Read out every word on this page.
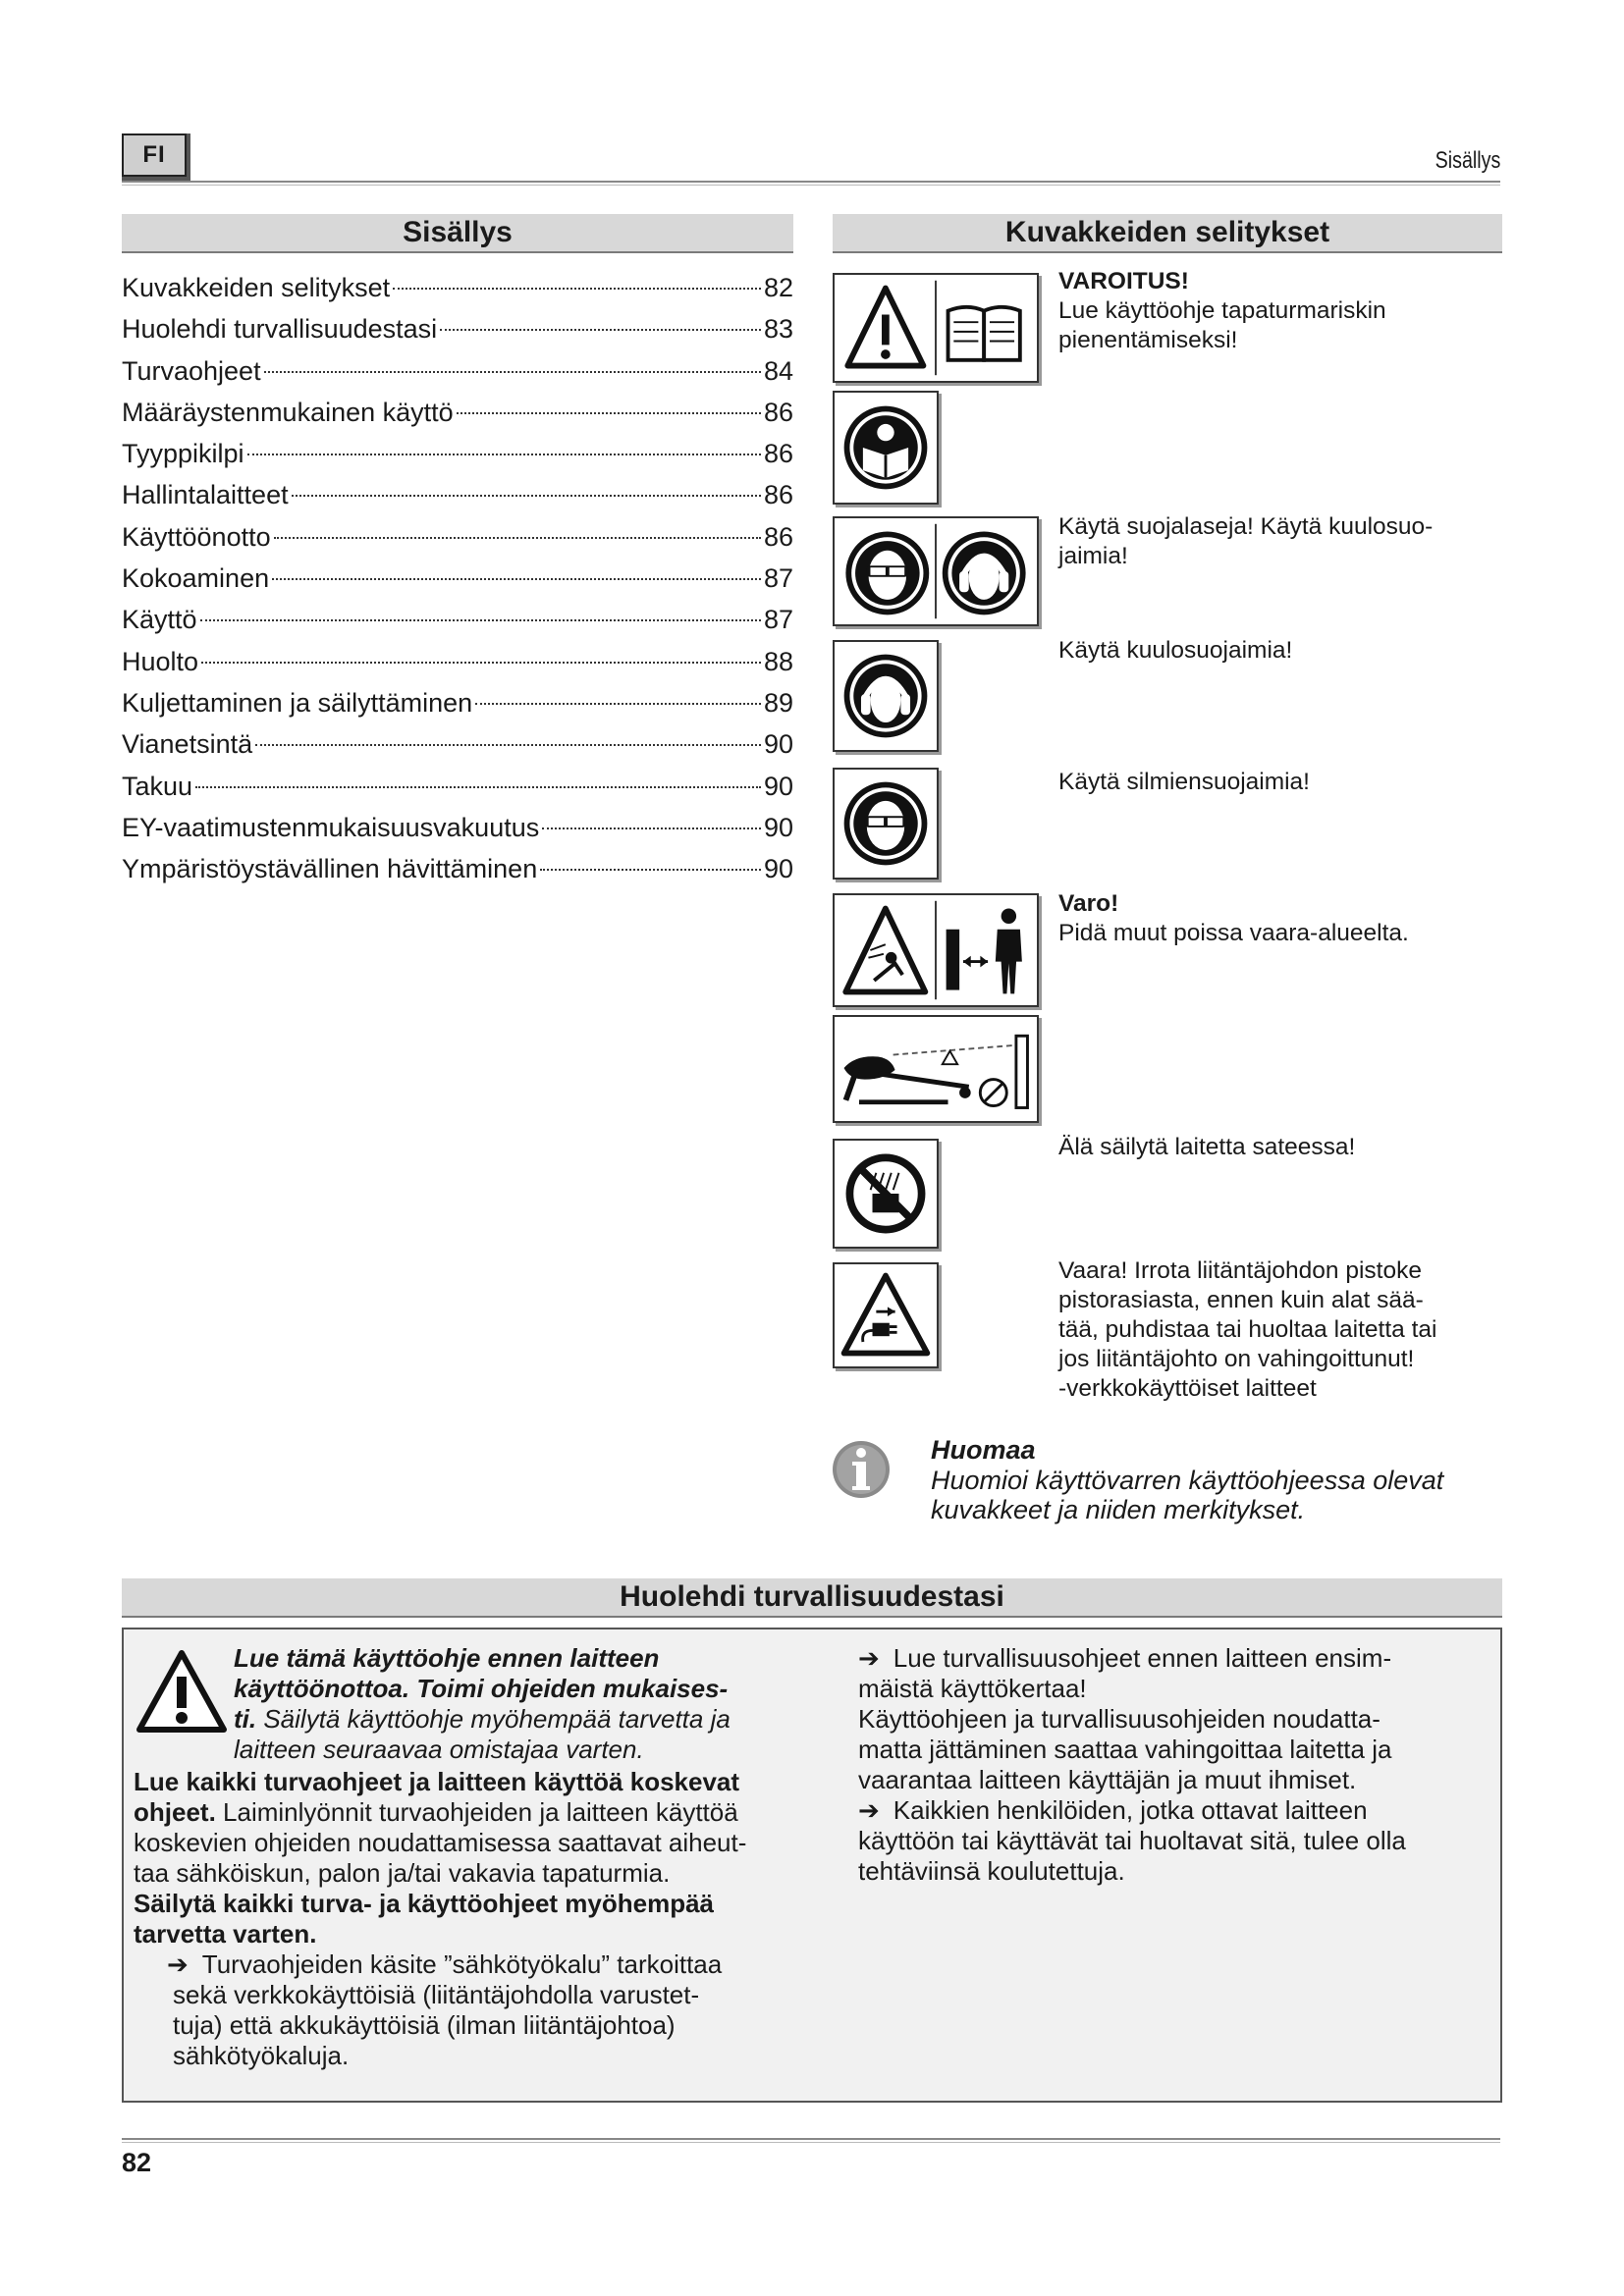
FI	Sisällys
Sisällys
Kuvakkeiden selitykset	82
Huolehdi turvallisuudestasi	83
Turvaohjeet	84
Määräystenmukainen käyttö	86
Tyyppikilpi	86
Hallintalaitteet	86
Käyttöönotto	86
Kokoaminen	87
Käyttö	87
Huolto	88
Kuljettaminen ja säilyttäminen	89
Vianetsintä	90
Takuu	90
EY-vaatimustenmukaisuusvakuutus	90
Ympäristöystävällinen hävittäminen	90
Kuvakkeiden selitykset
VAROITUS!
Lue käyttöohje tapaturmariskin
pienentämiseksi!
Käytä suojalaseja! Käytä kuulosuo-
jaimia!
Käytä kuulosuojaimia!
Käytä silmiensuojaimia!
Varo!
Pidä muut poissa vaara-alueelta.
Älä säilytä laitetta sateessa!
Vaara! Irrota liitäntäjohdon pistoke
pistorasiasta, ennen kuin alat sää-
tää, puhdistaa tai huoltaa laitetta tai
jos liitäntäjohto on vahingoittunut!
-verkkokäyttöiset laitteet
Huomaa
Huomioi käyttövarren käyttöohjeessa olevat
kuvakkeet ja niiden merkitykset.
Huolehdi turvallisuudestasi
Lue tämä käyttöohje ennen laitteen
käyttöönottoa. Toimi ohjeiden mukaises-
ti. Säilytä käyttöohje myöhempää tarvetta ja
laitteen seuraavaa omistajaa varten.
Lue kaikki turvaohjeet ja laitteen käyttöä koskevat
ohjeet. Laiminlyönnit turvaohjeiden ja laitteen käyttöä
koskevien ohjeiden noudattamisessa saattavat aiheut-
taa sähköiskun, palon ja/tai vakavia tapaturmia.
Säilytä kaikki turva- ja käyttöohjeet myöhempää
tarvetta varten.
➔ Turvaohjeiden käsite ”sähkötyökalu” tarkoittaa
sekä verkkokäyttöisiä (liitäntäjohdolla varustet-
tuja) että akkukäyttöisiä (ilman liitäntäjohtoa)
sähkötyökaluja.
➔ Lue turvallisuusohjeet ennen laitteen ensim-
mäistä käyttökertaa!
Käyttöohjeen ja turvallisuusohjeiden noudatta-
matta jättäminen saattaa vahingoittaa laitetta ja
vaarantaa laitteen käyttäjän ja muut ihmiset.
➔ Kaikkien henkilöiden, jotka ottavat laitteen
käyttöön tai käyttävät tai huoltavat sitä, tulee olla
tehtäviinsä koulutettuja.
82
